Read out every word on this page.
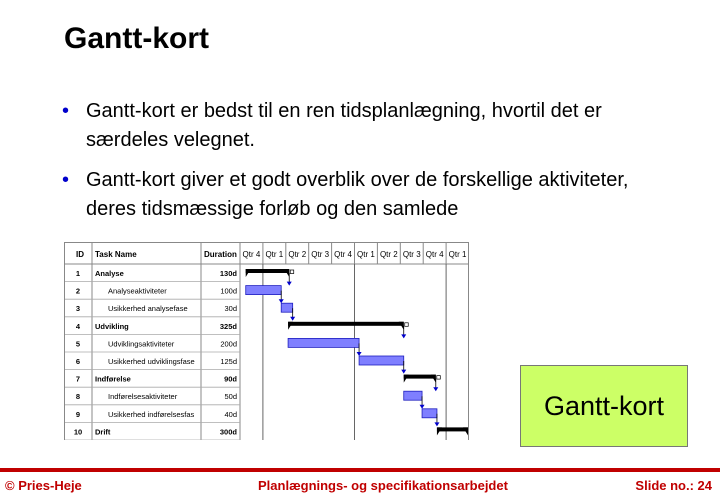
Gantt-kort
• Gantt-kort er bedst til en ren tidsplanlægning, hvortil det er særdeles velegnet.
• Gantt-kort giver et godt overblik over de forskellige aktiviteter, deres tidsmæssige forløb og den samlede
ID Task Name	Duration Qtr 4 Qtr 1 Qtr 2 Qtr 3 Qtr 4 Qtr 1 Qtr 2 Qtr 3 Qtr 4 Qtr 1
1 Analyse	130d
2	Analyseaktiviteter	100d
3	Usikkerhed analysefase	30d
4 Udvikling	325d
5	Udviklingsaktiviteter	200d
6	Usikkerhed udviklingsfase	125d
7 Indførelse	90d
8	Indførelsesaktiviteter	50d
9	Usikkerhed indførelsesfas	40d
10 Drift	300d
Gantt-kort
© Pries-Heje	Planlægnings- og specifikationsarbejdet	Slide no.: 24
